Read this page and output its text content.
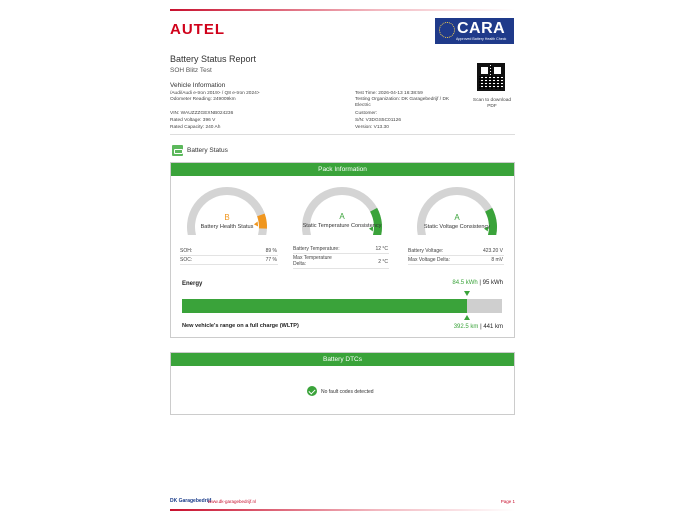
AUTEL	CARA
Approved Battery Health Check
Battery Status Report
SOH Blitz Test
Scan to download PDF
Vehicle Information
/Audi/Audi e-tron 2019> / Q8 e-tron 2024>
Odometer Reading: 249009km
VIN: WAUZZZGEXNB024236
Rated Voltage: 396 V
Rated Capacity: 240 Ah
Test Time: 2026-04-13 16:38:59
Testing Organization: DK Garagebedrijf / DK Electric
Customer:
S/N: V3DGS5C01126
Version: V13.30
Battery Status
Pack Information
B
Battery Health Status
A
Static Temperature Consistency
A
Static Voltage Consistency
SOH:	89 %
SOC:	77 %
Battery Temperature:	12 °C
Max Temperature Delta:	2 °C
Battery Voltage:	423.20 V
Max Voltage Delta:	8 mV
Energy	84.5 kWh | 95 kWh
New vehicle's range on a full charge (WLTP)	392.5 km | 441 km
Battery DTCs
No fault codes detected
DK Garagebedrijf
www.dk-garagebedrijf.nl	Page 1
